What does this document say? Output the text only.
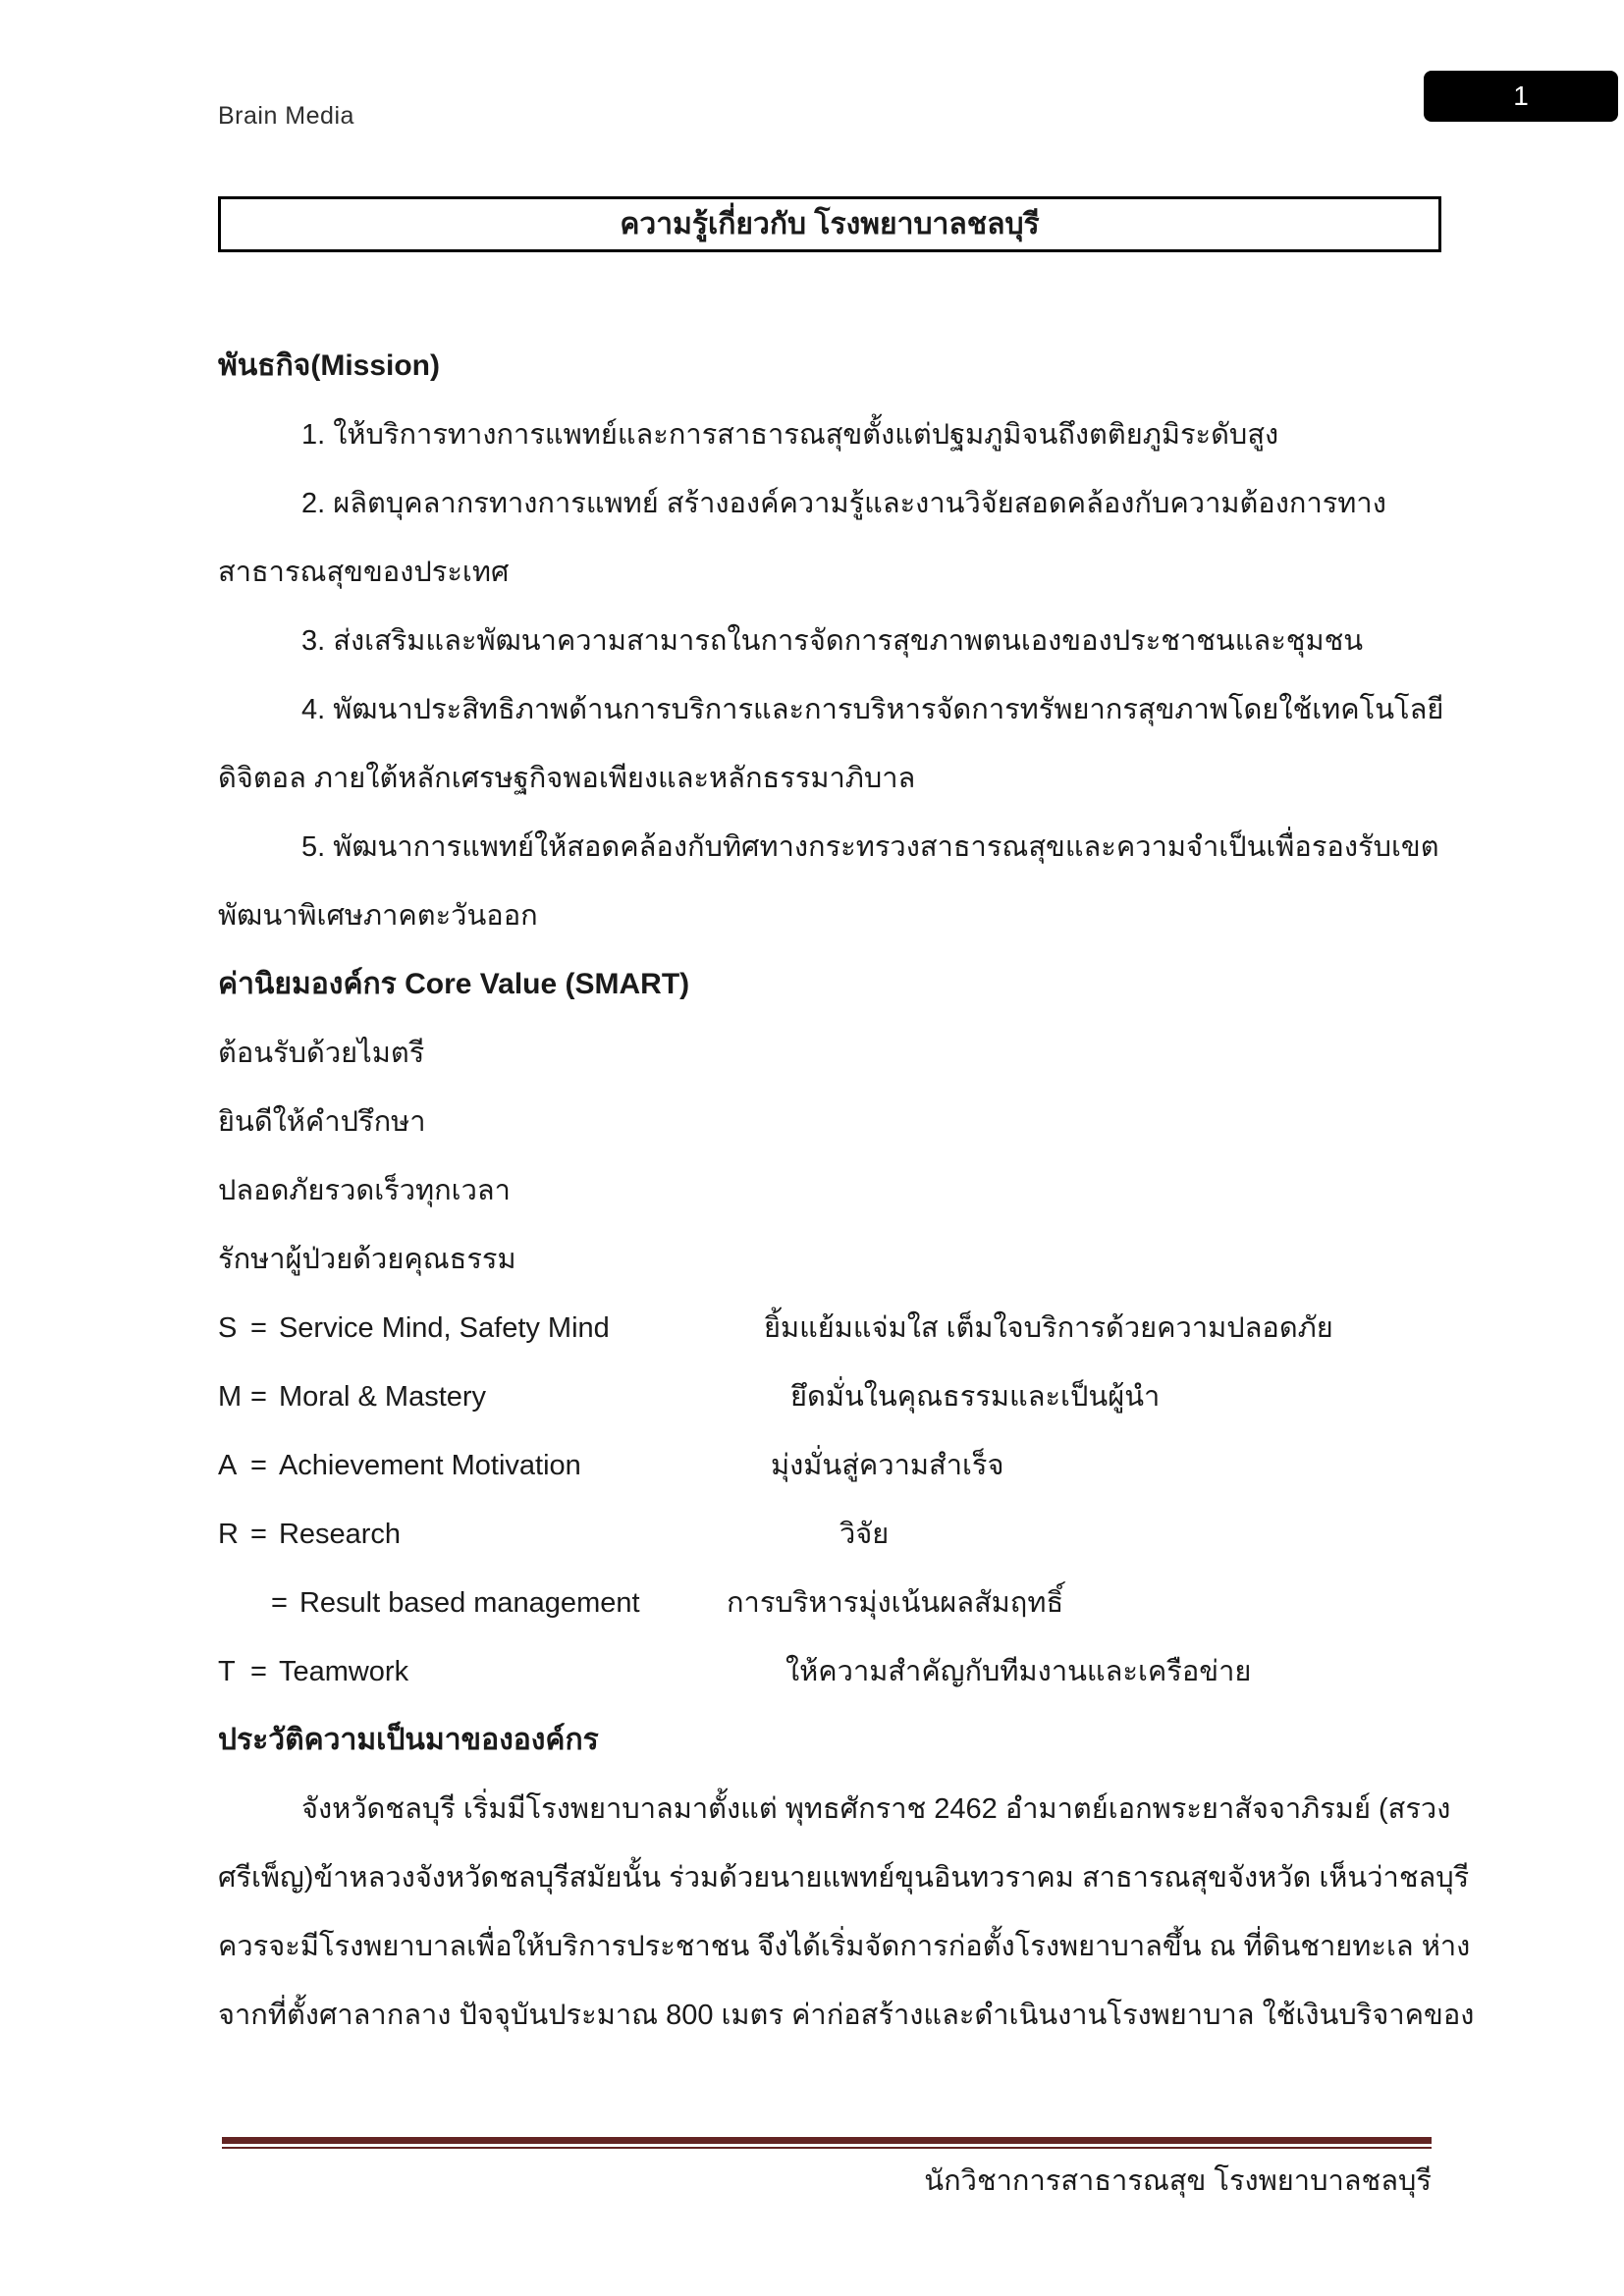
Brain Media
1
ความรู้เกี่ยวกับ โรงพยาบาลชลบุรี
พันธกิจ(Mission)
1. ให้บริการทางการแพทย์และการสาธารณสุขตั้งแต่ปฐมภูมิจนถึงตติยภูมิระดับสูง
2. ผลิตบุคลากรทางการแพทย์ สร้างองค์ความรู้และงานวิจัยสอดคล้องกับความต้องการทาง
สาธารณสุขของประเทศ
3. ส่งเสริมและพัฒนาความสามารถในการจัดการสุขภาพตนเองของประชาชนและชุมชน
4. พัฒนาประสิทธิภาพด้านการบริการและการบริหารจัดการทรัพยากรสุขภาพโดยใช้เทคโนโลยี
ดิจิตอล ภายใต้หลักเศรษฐกิจพอเพียงและหลักธรรมาภิบาล
5. พัฒนาการแพทย์ให้สอดคล้องกับทิศทางกระทรวงสาธารณสุขและความจำเป็นเพื่อรองรับเขต
พัฒนาพิเศษภาคตะวันออก
ค่านิยมองค์กร Core Value (SMART)
ต้อนรับด้วยไมตรี
ยินดีให้คำปรึกษา
ปลอดภัยรวดเร็วทุกเวลา
รักษาผู้ป่วยด้วยคุณธรรม
S = Service Mind, Safety Mind	ยิ้มแย้มแจ่มใส เต็มใจบริการด้วยความปลอดภัย
M = Moral & Mastery	ยึดมั่นในคุณธรรมและเป็นผู้นำ
A = Achievement Motivation	มุ่งมั่นสู่ความสำเร็จ
R = Research	วิจัย
= Result based management	การบริหารมุ่งเน้นผลสัมฤทธิ์
T = Teamwork	ให้ความสำคัญกับทีมงานและเครือข่าย
ประวัติความเป็นมาขององค์กร
จังหวัดชลบุรี เริ่มมีโรงพยาบาลมาตั้งแต่ พุทธศักราช 2462 อำมาตย์เอกพระยาสัจจาภิรมย์ (สรวง
ศรีเพ็ญ)ข้าหลวงจังหวัดชลบุรีสมัยนั้น ร่วมด้วยนายแพทย์ขุนอินทวราคม สาธารณสุขจังหวัด เห็นว่าชลบุรี
ควรจะมีโรงพยาบาลเพื่อให้บริการประชาชน จึงได้เริ่มจัดการก่อตั้งโรงพยาบาลขึ้น ณ ที่ดินชายทะเล ห่าง
จากที่ตั้งศาลากลาง ปัจจุบันประมาณ 800 เมตร ค่าก่อสร้างและดำเนินงานโรงพยาบาล ใช้เงินบริจาคของ
นักวิชาการสาธารณสุข โรงพยาบาลชลบุรี
